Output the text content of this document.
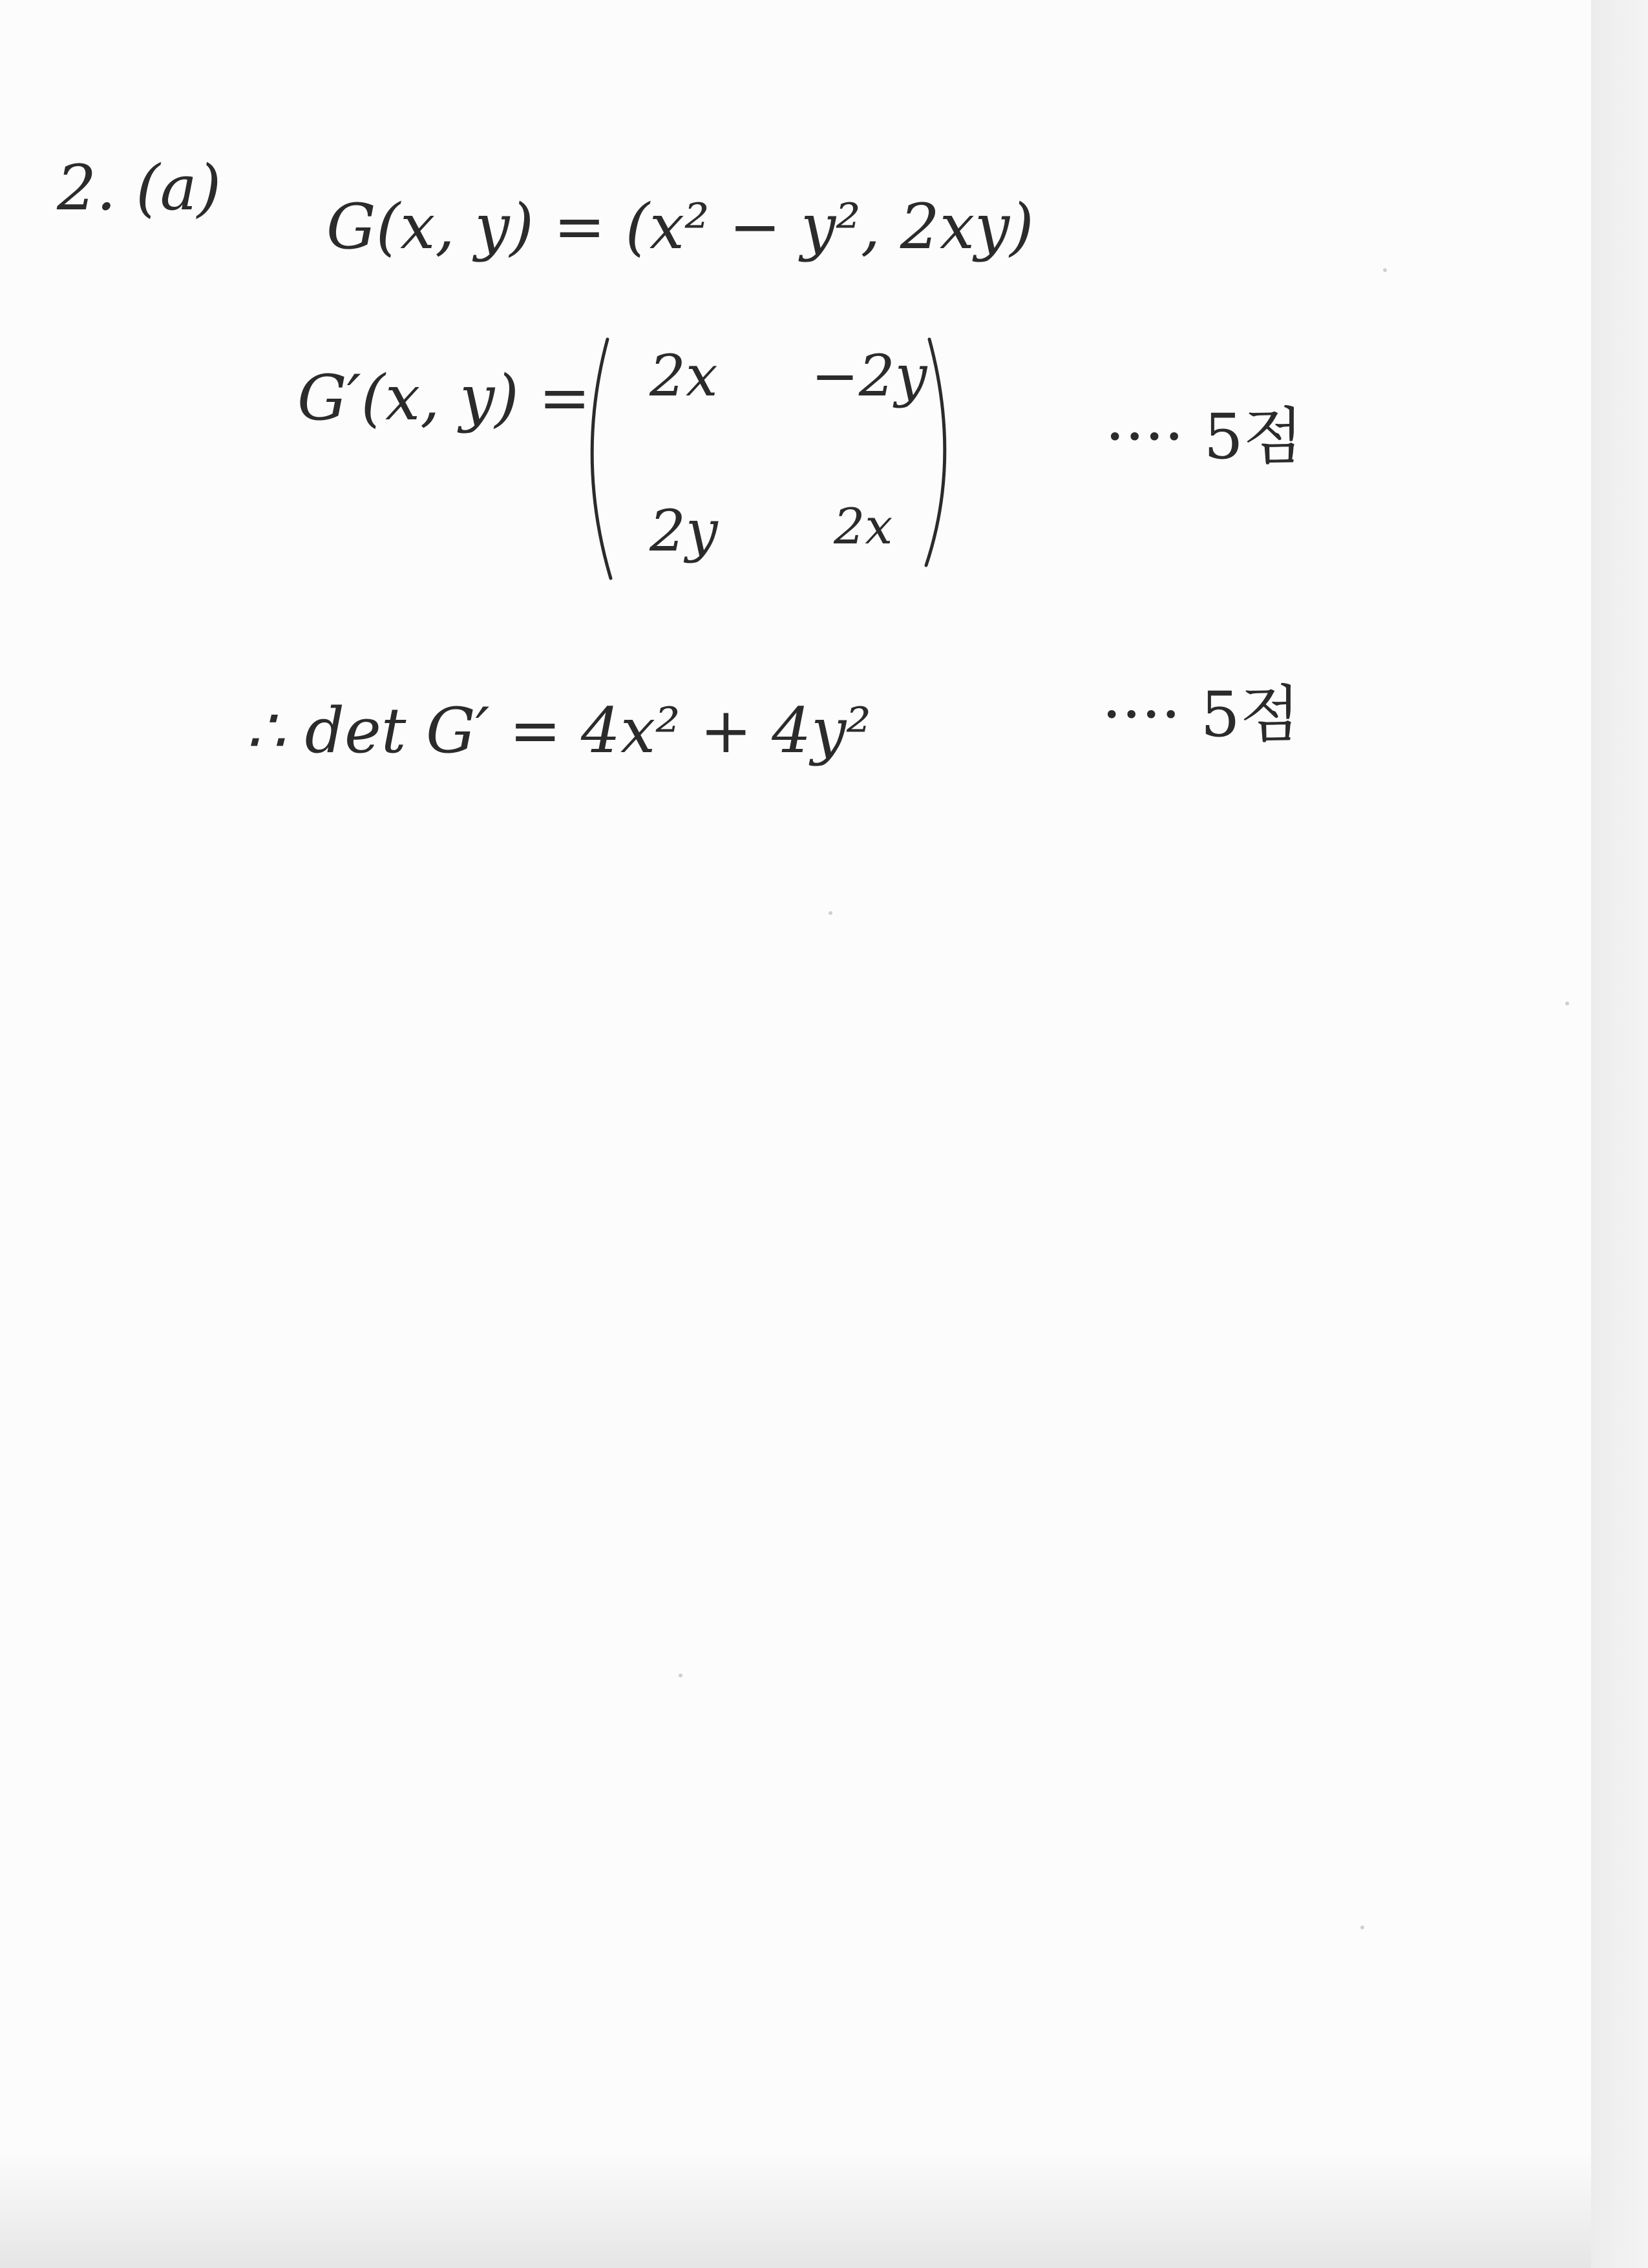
2. (a)
G(x, y) = (x² − y², 2xy)
G′(x, y) = 2x −2y
2y 2x
···· 5점
∴ det G′ = 4x² + 4y²	···· 5점
